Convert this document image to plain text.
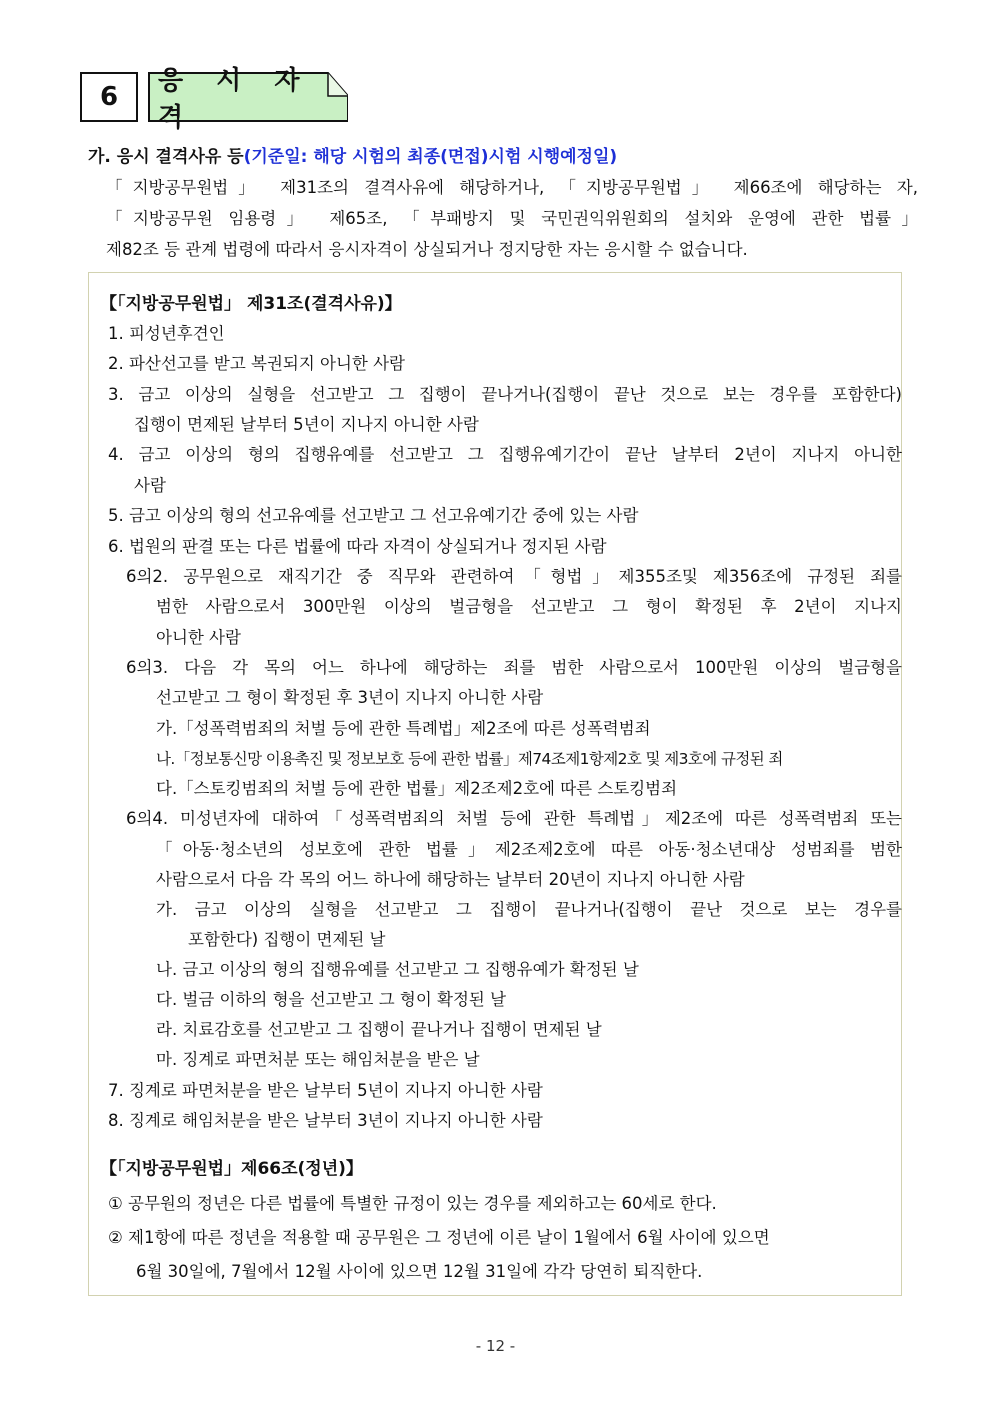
6
응 시 자 격
가. 응시 결격사유 등(기준일: 해당 시험의 최종(면접)시험 시행예정일)
「지방공무원법」 제31조의 결격사유에 해당하거나, 「지방공무원법」 제66조에 해당하는 자,
「지방공무원 임용령」 제65조, 「부패방지 및 국민권익위원회의 설치와 운영에 관한 법률」
제82조 등 관계 법령에 따라서 응시자격이 상실되거나 정지당한 자는 응시할 수 없습니다.
【「지방공무원법」 제31조(결격사유)】
1. 피성년후견인
2. 파산선고를 받고 복권되지 아니한 사람
3. 금고 이상의 실형을 선고받고 그 집행이 끝나거나(집행이 끝난 것으로 보는 경우를 포함한다)
집행이 면제된 날부터 5년이 지나지 아니한 사람
4. 금고 이상의 형의 집행유예를 선고받고 그 집행유예기간이 끝난 날부터 2년이 지나지 아니한
사람
5. 금고 이상의 형의 선고유예를 선고받고 그 선고유예기간 중에 있는 사람
6. 법원의 판결 또는 다른 법률에 따라 자격이 상실되거나 정지된 사람
6의2. 공무원으로 재직기간 중 직무와 관련하여「형법」제355조및 제356조에 규정된 죄를
범한 사람으로서 300만원 이상의 벌금형을 선고받고 그 형이 확정된 후 2년이 지나지
아니한 사람
6의3. 다음 각 목의 어느 하나에 해당하는 죄를 범한 사람으로서 100만원 이상의 벌금형을
선고받고 그 형이 확정된 후 3년이 지나지 아니한 사람
가.「성폭력범죄의 처벌 등에 관한 특례법」제2조에 따른 성폭력범죄
나.「정보통신망 이용촉진 및 정보보호 등에 관한 법률」제74조제1항제2호 및 제3호에 규정된 죄
다.「스토킹범죄의 처벌 등에 관한 법률」제2조제2호에 따른 스토킹범죄
6의4. 미성년자에 대하여「성폭력범죄의 처벌 등에 관한 특례법」제2조에 따른 성폭력범죄 또는
「아동·청소년의 성보호에 관한 법률」제2조제2호에 따른 아동·청소년대상 성범죄를 범한
사람으로서 다음 각 목의 어느 하나에 해당하는 날부터 20년이 지나지 아니한 사람
가. 금고 이상의 실형을 선고받고 그 집행이 끝나거나(집행이 끝난 것으로 보는 경우를
포함한다) 집행이 면제된 날
나. 금고 이상의 형의 집행유예를 선고받고 그 집행유예가 확정된 날
다. 벌금 이하의 형을 선고받고 그 형이 확정된 날
라. 치료감호를 선고받고 그 집행이 끝나거나 집행이 면제된 날
마. 징계로 파면처분 또는 해임처분을 받은 날
7. 징계로 파면처분을 받은 날부터 5년이 지나지 아니한 사람
8. 징계로 해임처분을 받은 날부터 3년이 지나지 아니한 사람
【「지방공무원법」제66조(정년)】
① 공무원의 정년은 다른 법률에 특별한 규정이 있는 경우를 제외하고는 60세로 한다.
② 제1항에 따른 정년을 적용할 때 공무원은 그 정년에 이른 날이 1월에서 6월 사이에 있으면
6월 30일에, 7월에서 12월 사이에 있으면 12월 31일에 각각 당연히 퇴직한다.
- 12 -
